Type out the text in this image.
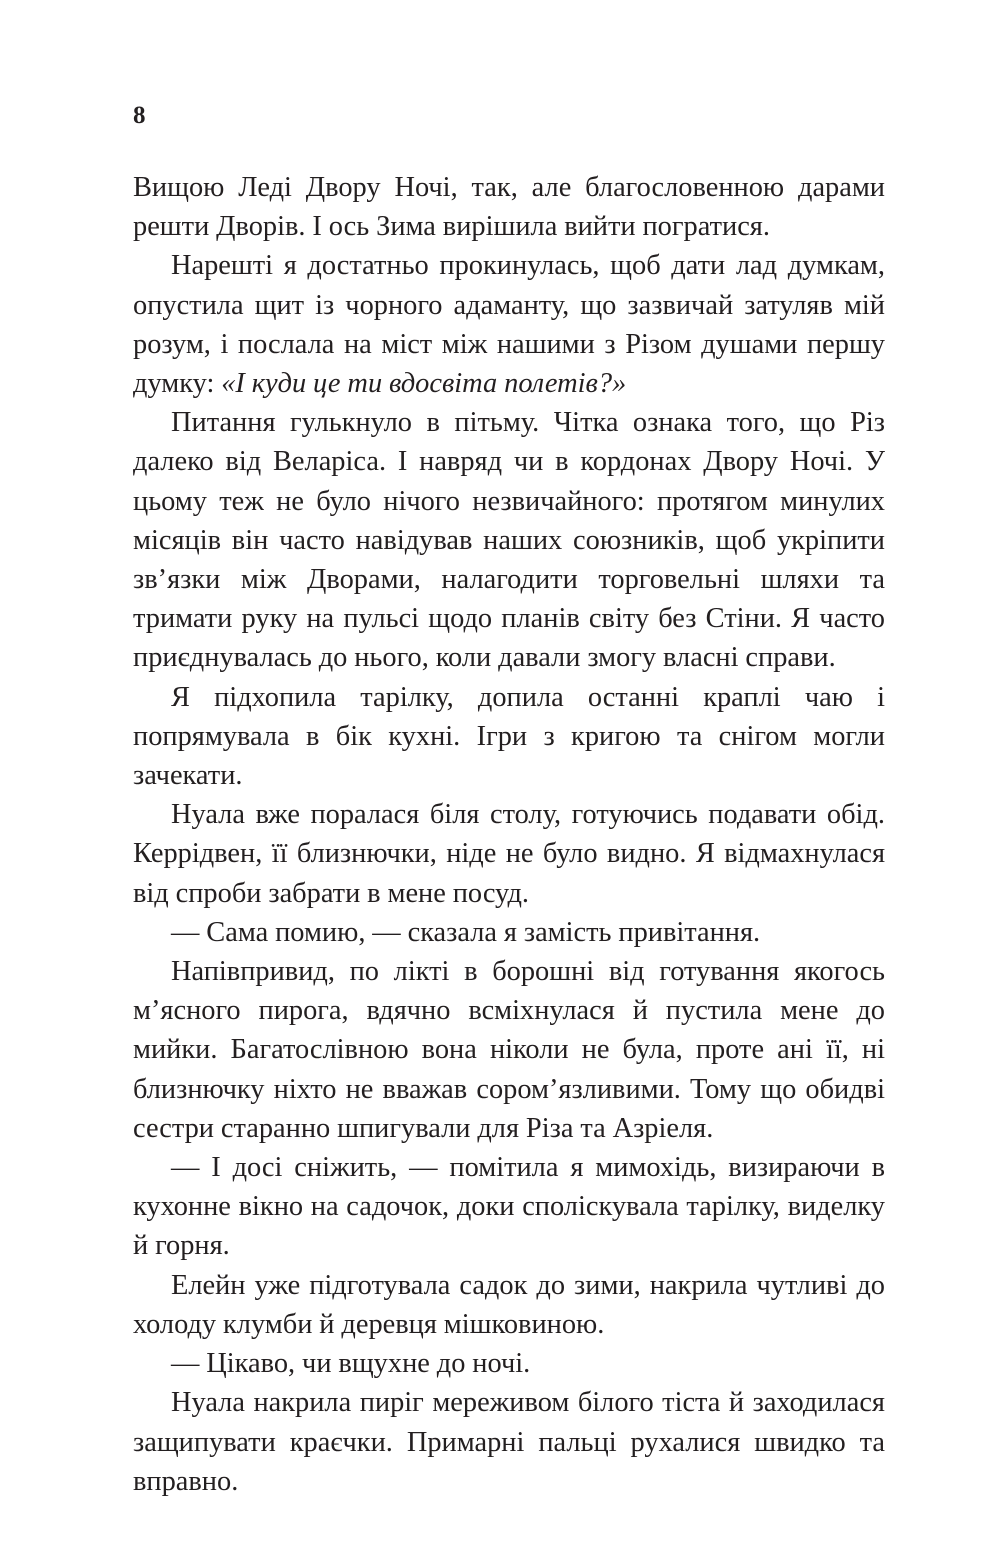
8

Вищою Леді Двору Ночі, так, але благословенною дарами решти Дворів. І ось Зима вирішила вийти погратися.

Нарешті я достатньо прокинулась, щоб дати лад думкам, опустила щит із чорного адаманту, що зазвичай затуляв мій розум, і послала на міст між нашими з Різом душами першу думку: «І куди це ти вдосвіта полетів?»

Питання гулькнуло в пітьму. Чітка ознака того, що Різ далеко від Веларіса. І навряд чи в кордонах Двору Ночі. У цьому теж не було нічого незвичайного: протягом минулих місяців він часто навідував наших союзників, щоб укріпити зв’язки між Дворами, налагодити торговельні шляхи та тримати руку на пульсі щодо планів світу без Стіни. Я часто приєднувалась до нього, коли давали змогу власні справи.

Я підхопила тарілку, допила останні краплі чаю і попрямувала в бік кухні. Ігри з кригою та снігом могли зачекати.

Нуала вже поралася біля столу, готуючись подавати обід. Керрідвен, її близнючки, ніде не було видно. Я відмахнулася від спроби забрати в мене посуд.

— Сама помию, — сказала я замість привітання.

Напівпривид, по лікті в борошні від готування якогось м’ясного пирога, вдячно всміхнулася й пустила мене до мийки. Багатослівною вона ніколи не була, проте ані її, ні близнючку ніхто не вважав сором’язливими. Тому що обидві сестри старанно шпигували для Різа та Азріеля.

— І досі сніжить, — помітила я мимохідь, визираючи в кухонне вікно на садочок, доки споліскувала тарілку, виделку й горня.

Елейн уже підготувала садок до зими, накрила чутливі до холоду клумби й деревця мішковиною.

— Цікаво, чи вщухне до ночі.

Нуала накрила пиріг мереживом білого тіста й заходилася защипувати краєчки. Примарні пальці рухалися швидко та вправно.
